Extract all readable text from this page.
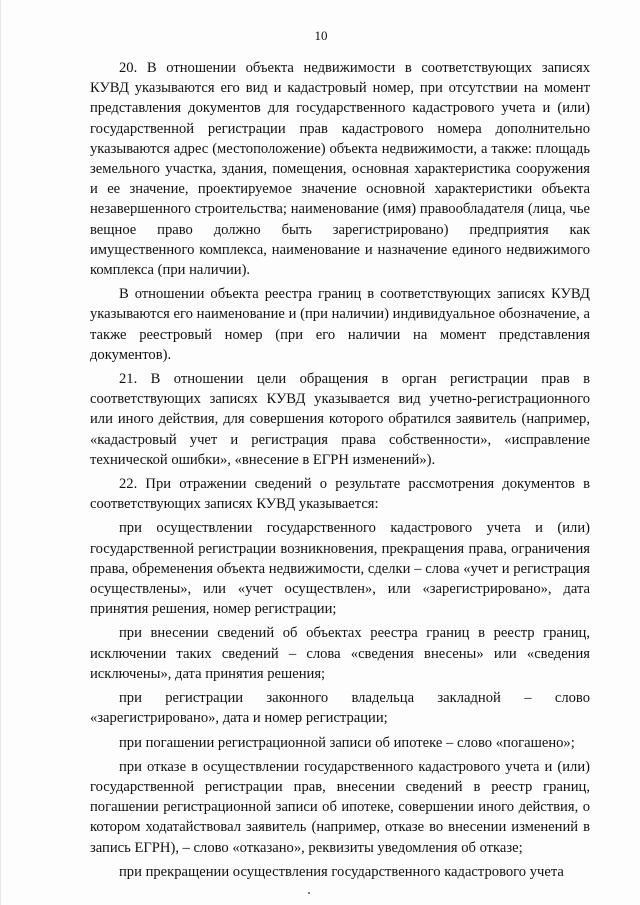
10

20. В отношении объекта недвижимости в соответствующих записях КУВД указываются его вид и кадастровый номер, при отсутствии на момент представления документов для государственного кадастрового учета и (или) государственной регистрации прав кадастрового номера дополнительно указываются адрес (местоположение) объекта недвижимости, а также: площадь земельного участка, здания, помещения, основная характеристика сооружения и ее значение, проектируемое значение основной характеристики объекта незавершенного строительства; наименование (имя) правообладателя (лица, чье вещное право должно быть зарегистрировано) предприятия как имущественного комплекса, наименование и назначение единого недвижимого комплекса (при наличии).

В отношении объекта реестра границ в соответствующих записях КУВД указываются его наименование и (при наличии) индивидуальное обозначение, а также реестровый номер (при его наличии на момент представления документов).

21. В отношении цели обращения в орган регистрации прав в соответствующих записях КУВД указывается вид учетно-регистрационного или иного действия, для совершения которого обратился заявитель (например, «кадастровый учет и регистрация права собственности», «исправление технической ошибки», «внесение в ЕГРН изменений»).

22. При отражении сведений о результате рассмотрения документов в соответствующих записях КУВД указывается:

при осуществлении государственного кадастрового учета и (или) государственной регистрации возникновения, прекращения права, ограничения права, обременения объекта недвижимости, сделки – слова «учет и регистрация осуществлены», или «учет осуществлен», или «зарегистрировано», дата принятия решения, номер регистрации;

при внесении сведений об объектах реестра границ в реестр границ, исключении таких сведений – слова «сведения внесены» или «сведения исключены», дата принятия решения;

при регистрации законного владельца закладной – слово «зарегистрировано», дата и номер регистрации;

при погашении регистрационной записи об ипотеке – слово «погашено»;

при отказе в осуществлении государственного кадастрового учета и (или) государственной регистрации прав, внесении сведений в реестр границ, погашении регистрационной записи об ипотеке, совершении иного действия, о котором ходатайствовал заявитель (например, отказе во внесении изменений в запись ЕГРН), – слово «отказано», реквизиты уведомления об отказе;

при прекращении осуществления государственного кадастрового учета
